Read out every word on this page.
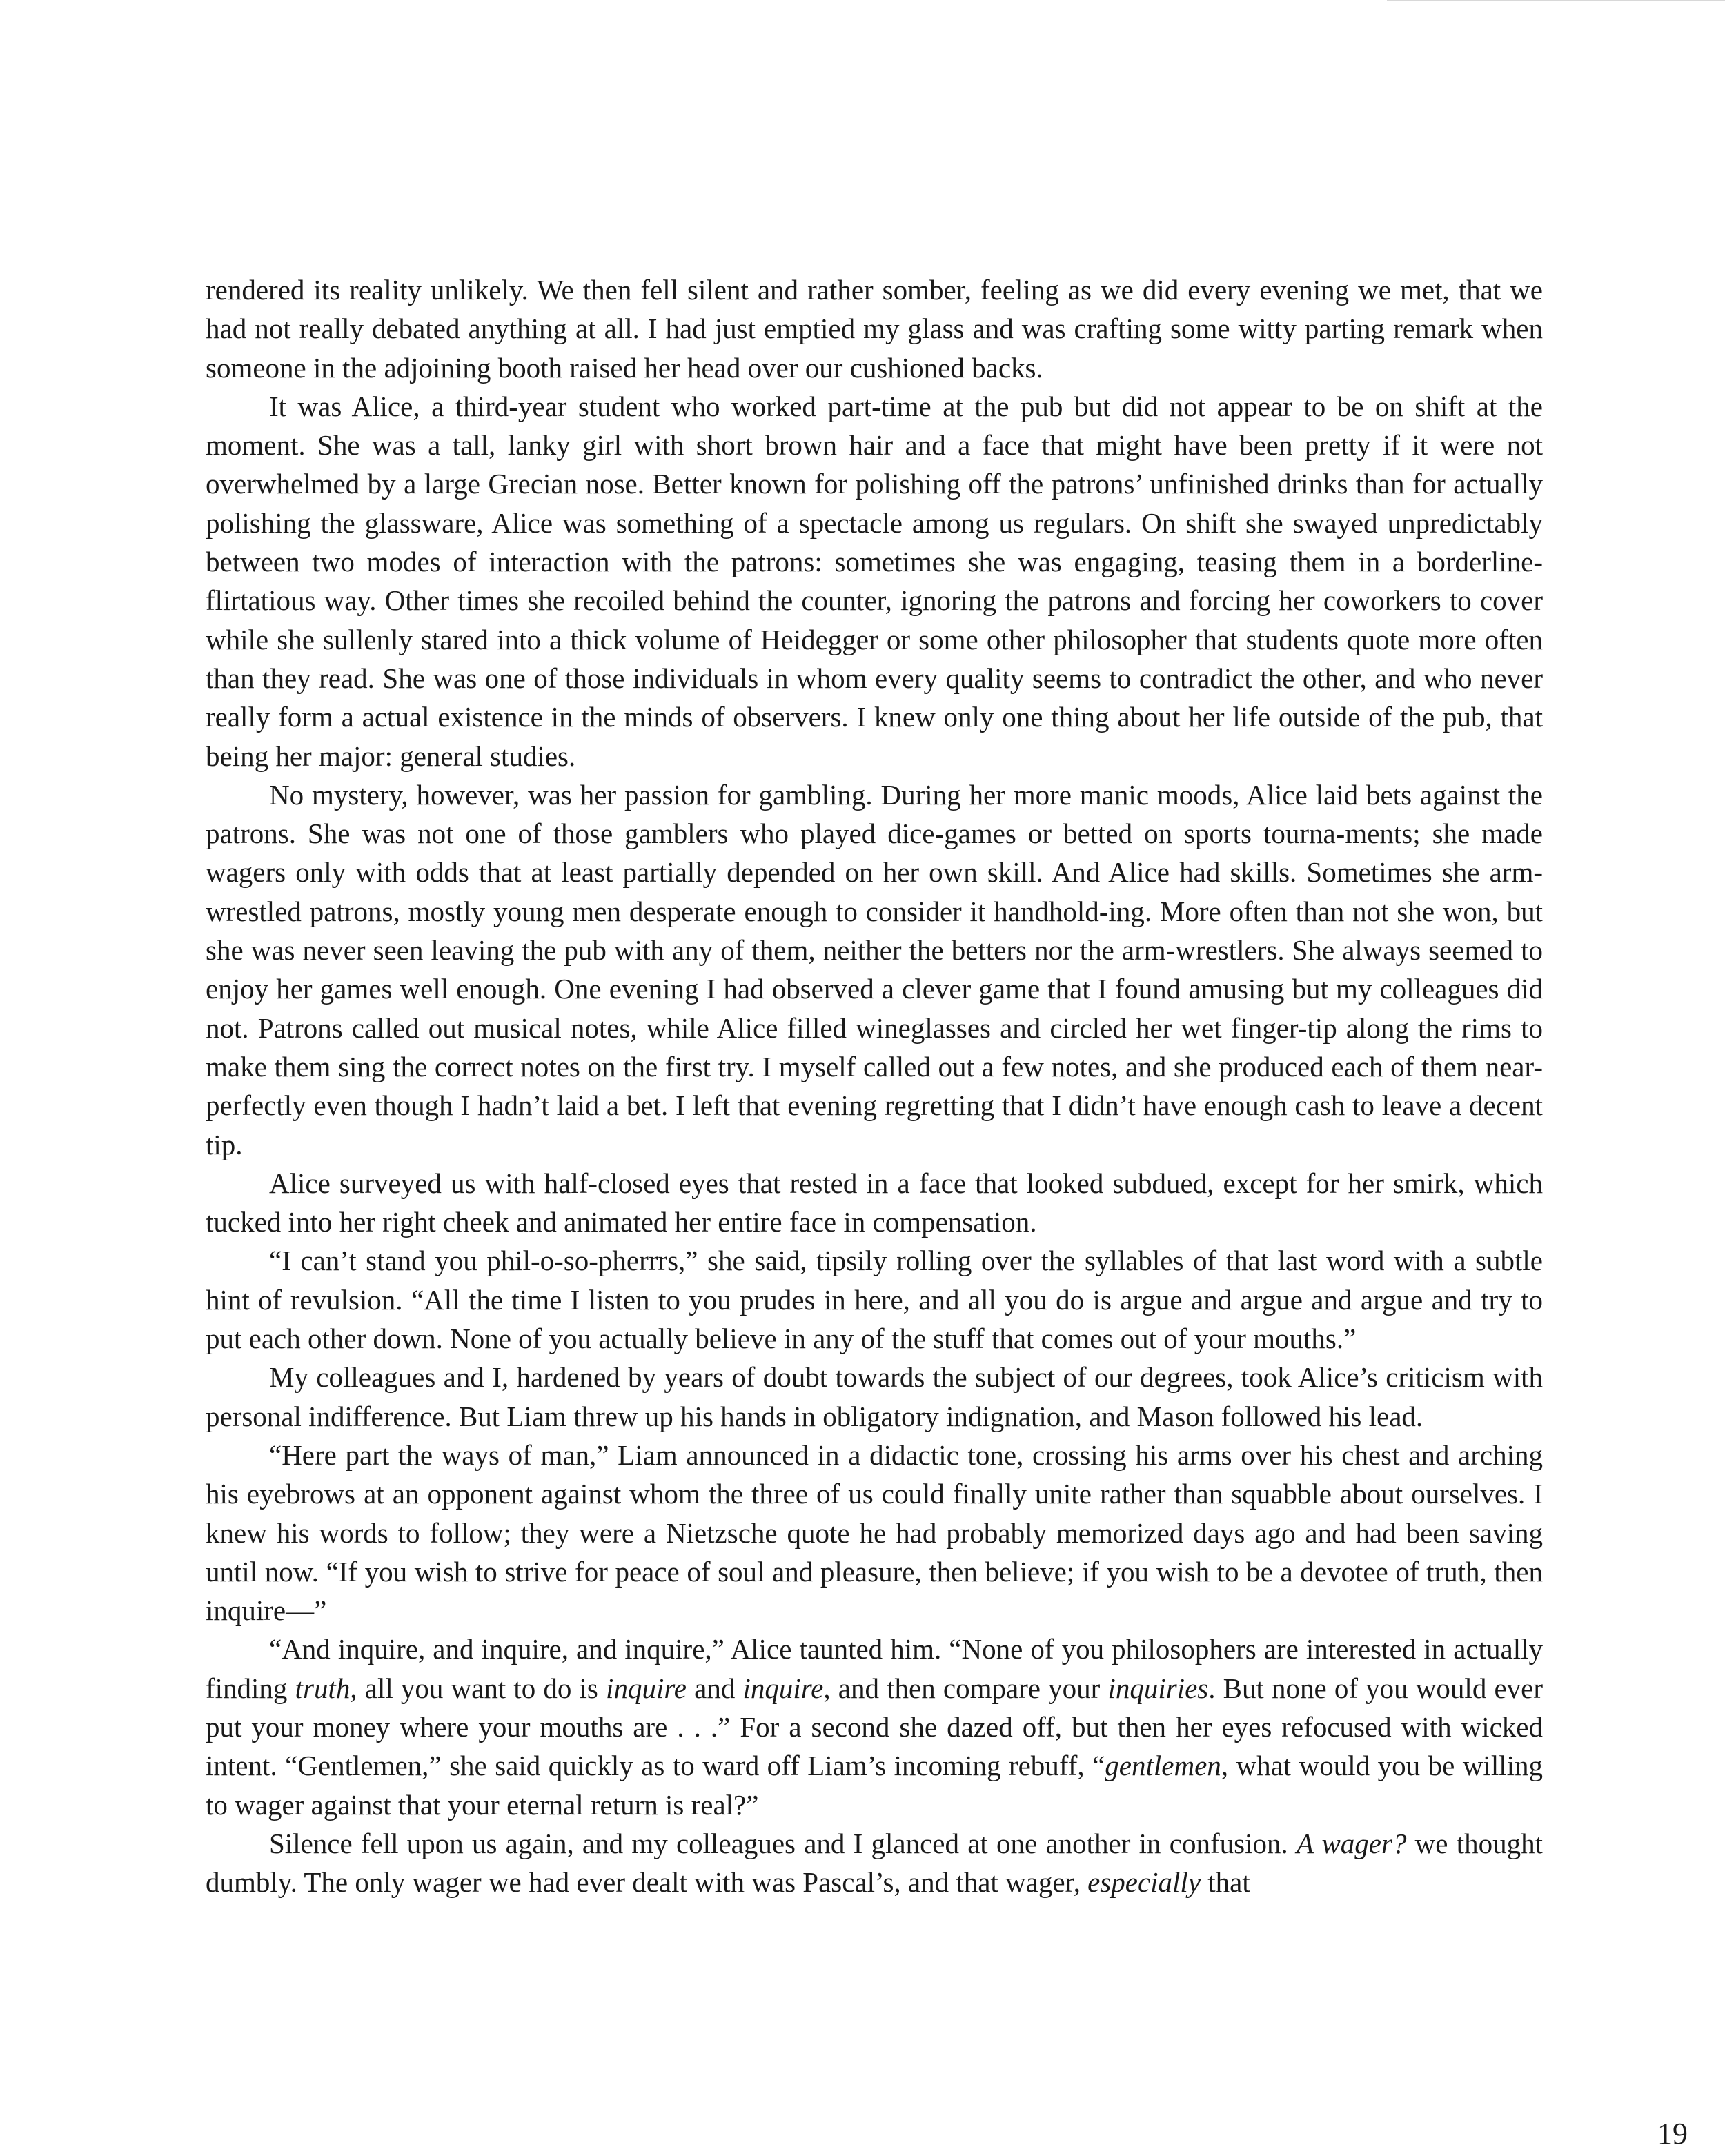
rendered its reality unlikely. We then fell silent and rather somber, feeling as we did every evening we met, that we had not really debated anything at all. I had just emptied my glass and was crafting some witty parting remark when someone in the adjoining booth raised her head over our cushioned backs.

It was Alice, a third-year student who worked part-time at the pub but did not appear to be on shift at the moment. She was a tall, lanky girl with short brown hair and a face that might have been pretty if it were not overwhelmed by a large Grecian nose. Better known for polishing off the patrons’ unfinished drinks than for actually polishing the glassware, Alice was something of a spectacle among us regulars. On shift she swayed unpredictably between two modes of interaction with the patrons: sometimes she was engaging, teasing them in a borderline-flirtatious way. Other times she recoiled behind the counter, ignoring the patrons and forcing her coworkers to cover while she sullenly stared into a thick volume of Heidegger or some other philosopher that students quote more often than they read. She was one of those individuals in whom every quality seems to contradict the other, and who never really form a actual existence in the minds of observers. I knew only one thing about her life outside of the pub, that being her major: general studies.

No mystery, however, was her passion for gambling. During her more manic moods, Alice laid bets against the patrons. She was not one of those gamblers who played dice-games or betted on sports tourna-ments; she made wagers only with odds that at least partially depended on her own skill. And Alice had skills. Sometimes she arm-wrestled patrons, mostly young men desperate enough to consider it handhold-ing. More often than not she won, but she was never seen leaving the pub with any of them, neither the betters nor the arm-wrestlers. She always seemed to enjoy her games well enough. One evening I had observed a clever game that I found amusing but my colleagues did not. Patrons called out musical notes, while Alice filled wineglasses and circled her wet finger-tip along the rims to make them sing the correct notes on the first try. I myself called out a few notes, and she produced each of them near-perfectly even though I hadn’t laid a bet. I left that evening regretting that I didn’t have enough cash to leave a decent tip.

Alice surveyed us with half-closed eyes that rested in a face that looked subdued, except for her smirk, which tucked into her right cheek and animated her entire face in compensation.

“I can’t stand you phil-o-so-pherrrs,” she said, tipsily rolling over the syllables of that last word with a subtle hint of revulsion. “All the time I listen to you prudes in here, and all you do is argue and argue and argue and try to put each other down. None of you actually believe in any of the stuff that comes out of your mouths.”

My colleagues and I, hardened by years of doubt towards the subject of our degrees, took Alice’s criticism with personal indifference. But Liam threw up his hands in obligatory indignation, and Mason followed his lead.

“Here part the ways of man,” Liam announced in a didactic tone, crossing his arms over his chest and arching his eyebrows at an opponent against whom the three of us could finally unite rather than squabble about ourselves. I knew his words to follow; they were a Nietzsche quote he had probably memorized days ago and had been saving until now. “If you wish to strive for peace of soul and pleasure, then believe; if you wish to be a devotee of truth, then inquire—”

“And inquire, and inquire, and inquire,” Alice taunted him. “None of you philosophers are interested in actually finding truth, all you want to do is inquire and inquire, and then compare your inquiries. But none of you would ever put your money where your mouths are . . .” For a second she dazed off, but then her eyes refocused with wicked intent. “Gentlemen,” she said quickly as to ward off Liam’s incoming rebuff, “gentlemen, what would you be willing to wager against that your eternal return is real?”

Silence fell upon us again, and my colleagues and I glanced at one another in confusion. A wager? we thought dumbly. The only wager we had ever dealt with was Pascal’s, and that wager, especially that

19
